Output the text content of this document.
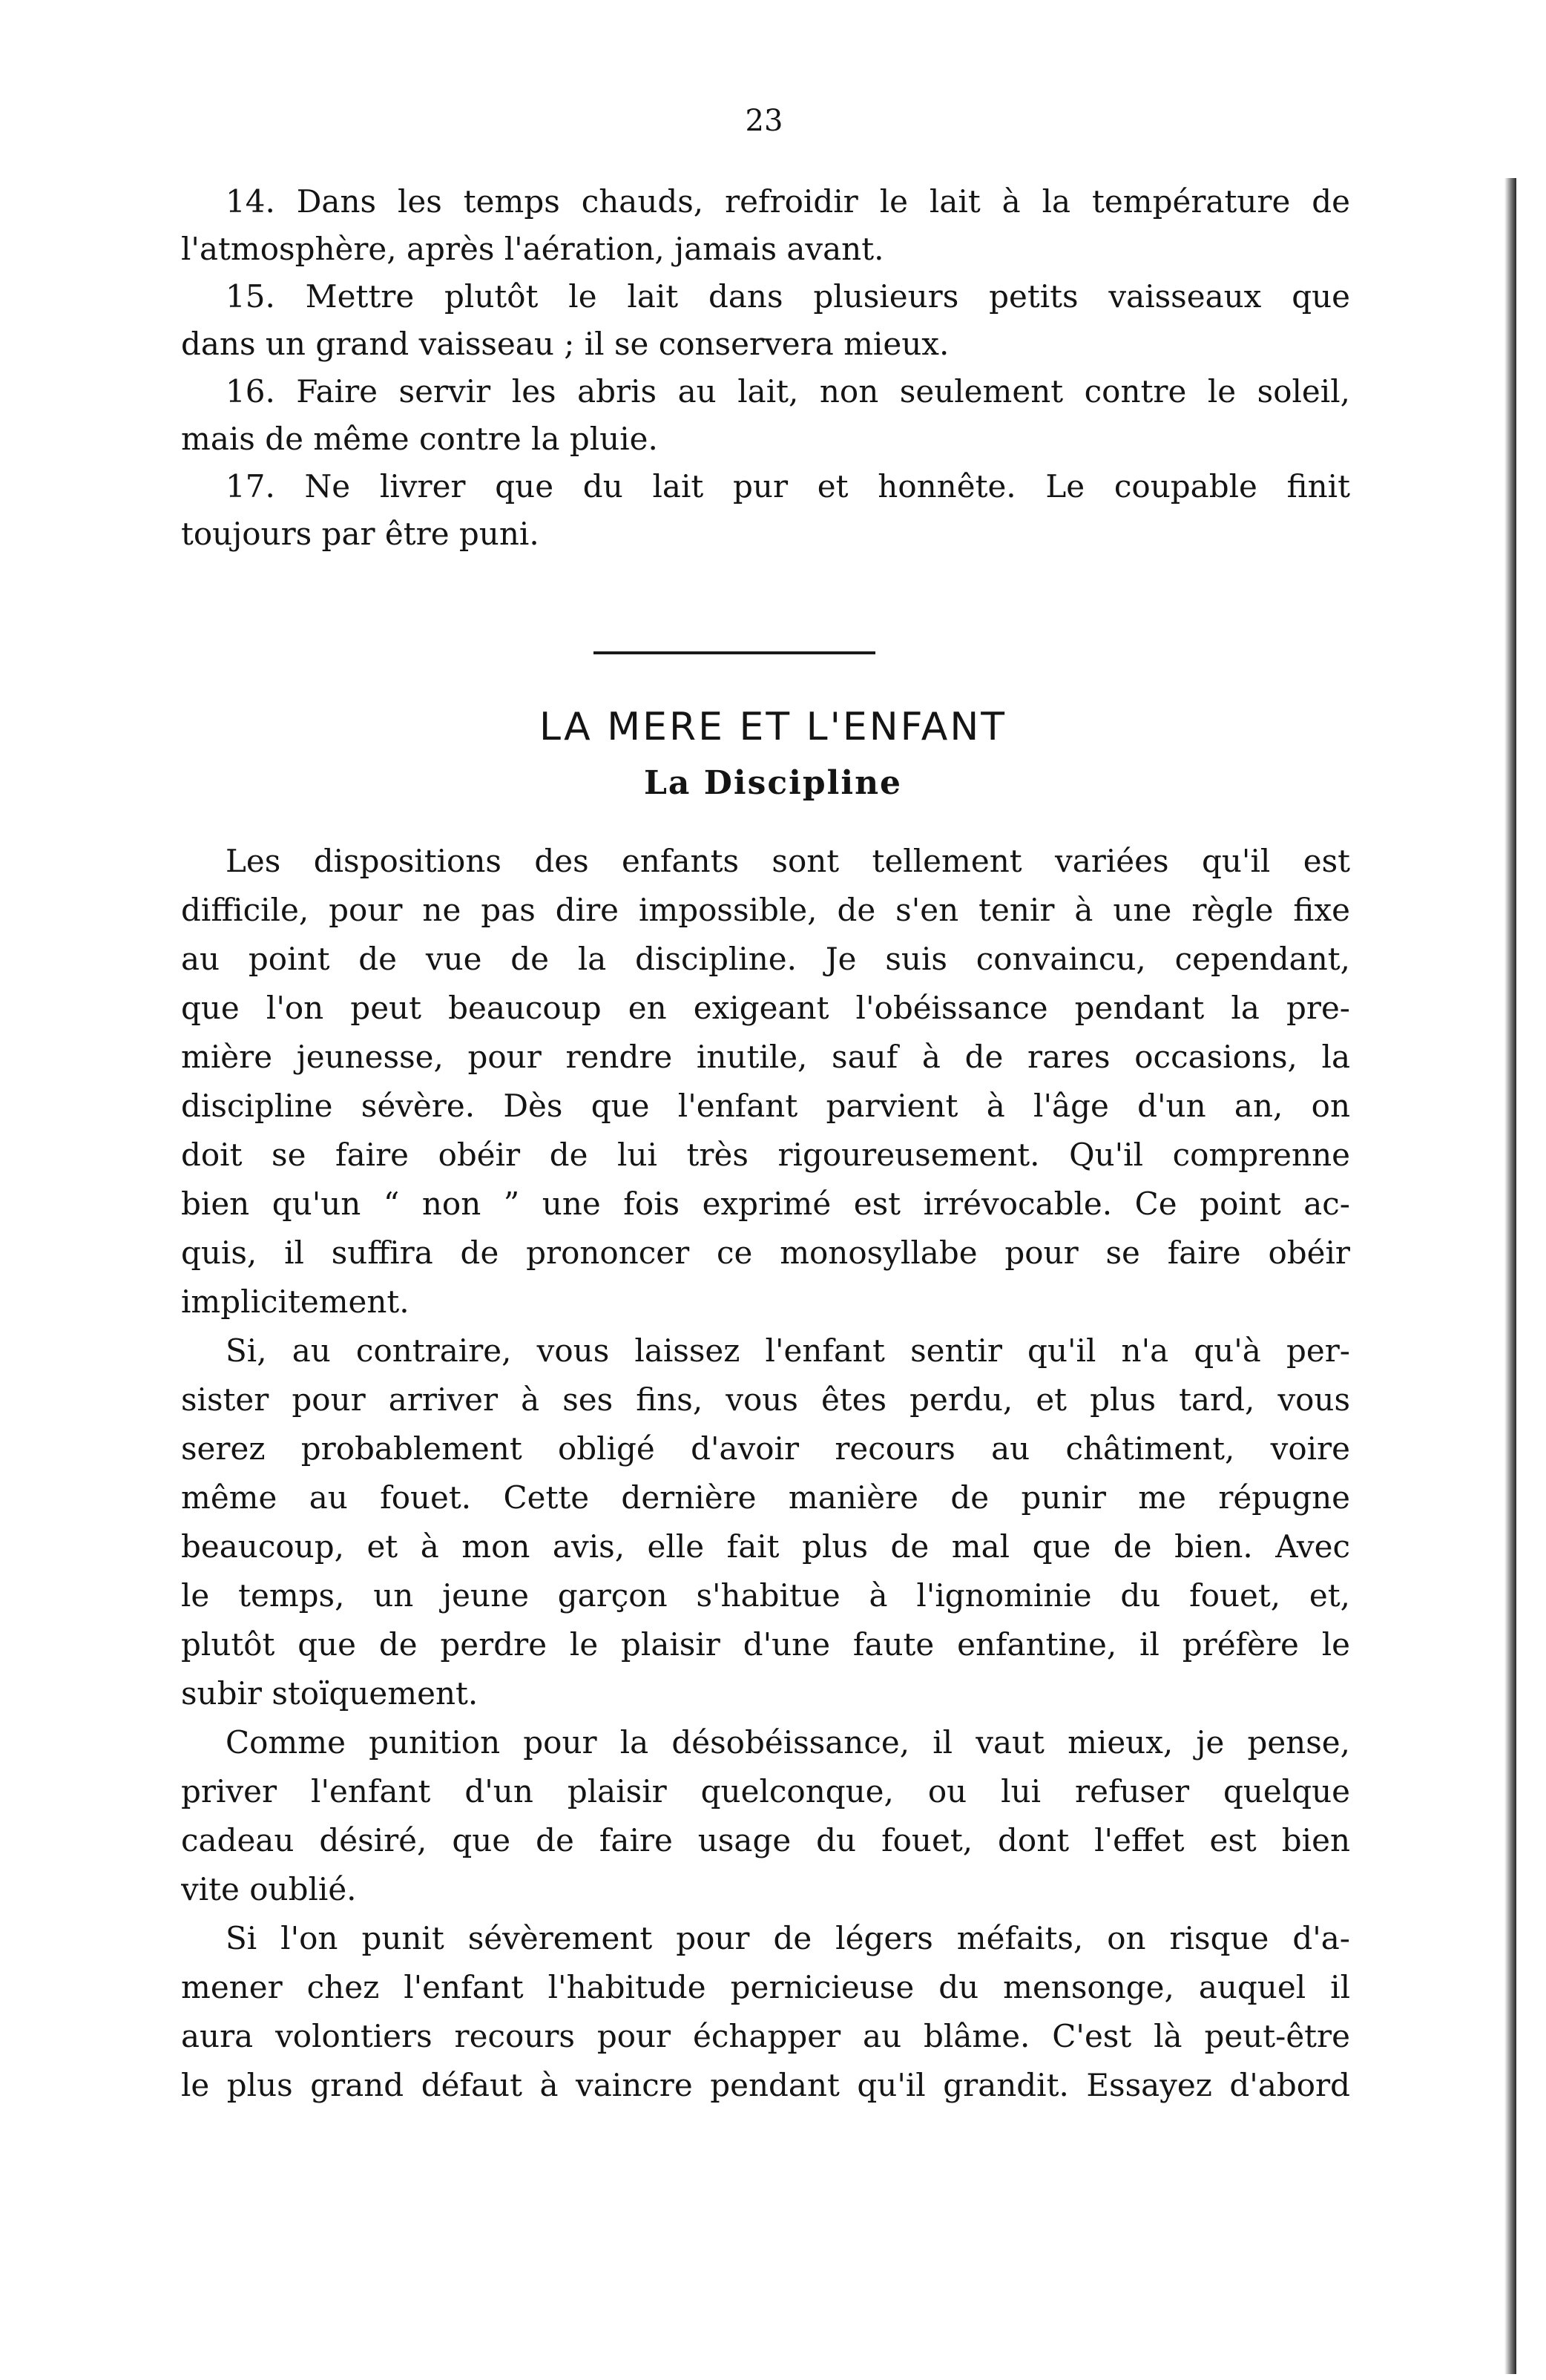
23
14. Dans les temps chauds, refroidir le lait à la température de
l'atmosphère, après l'aération, jamais avant.
15. Mettre plutôt le lait dans plusieurs petits vaisseaux que
dans un grand vaisseau ; il se conservera mieux.
16. Faire servir les abris au lait, non seulement contre le soleil,
mais de même contre la pluie.
17. Ne livrer que du lait pur et honnête. Le coupable finit
toujours par être puni.
LA MERE ET L'ENFANT
La Discipline
Les dispositions des enfants sont tellement variées qu'il est
difficile, pour ne pas dire impossible, de s'en tenir à une règle fixe
au point de vue de la discipline. Je suis convaincu, cependant,
que l'on peut beaucoup en exigeant l'obéissance pendant la pre-
mière jeunesse, pour rendre inutile, sauf à de rares occasions, la
discipline sévère. Dès que l'enfant parvient à l'âge d'un an, on
doit se faire obéir de lui très rigoureusement. Qu'il comprenne
bien qu'un “ non ” une fois exprimé est irrévocable. Ce point ac-
quis, il suffira de prononcer ce monosyllabe pour se faire obéir
implicitement.
Si, au contraire, vous laissez l'enfant sentir qu'il n'a qu'à per-
sister pour arriver à ses fins, vous êtes perdu, et plus tard, vous
serez probablement obligé d'avoir recours au châtiment, voire
même au fouet. Cette dernière manière de punir me répugne
beaucoup, et à mon avis, elle fait plus de mal que de bien. Avec
le temps, un jeune garçon s'habitue à l'ignominie du fouet, et,
plutôt que de perdre le plaisir d'une faute enfantine, il préfère le
subir stoïquement.
Comme punition pour la désobéissance, il vaut mieux, je pense,
priver l'enfant d'un plaisir quelconque, ou lui refuser quelque
cadeau désiré, que de faire usage du fouet, dont l'effet est bien
vite oublié.
Si l'on punit sévèrement pour de légers méfaits, on risque d'a-
mener chez l'enfant l'habitude pernicieuse du mensonge, auquel il
aura volontiers recours pour échapper au blâme. C'est là peut-être
le plus grand défaut à vaincre pendant qu'il grandit. Essayez d'abord
